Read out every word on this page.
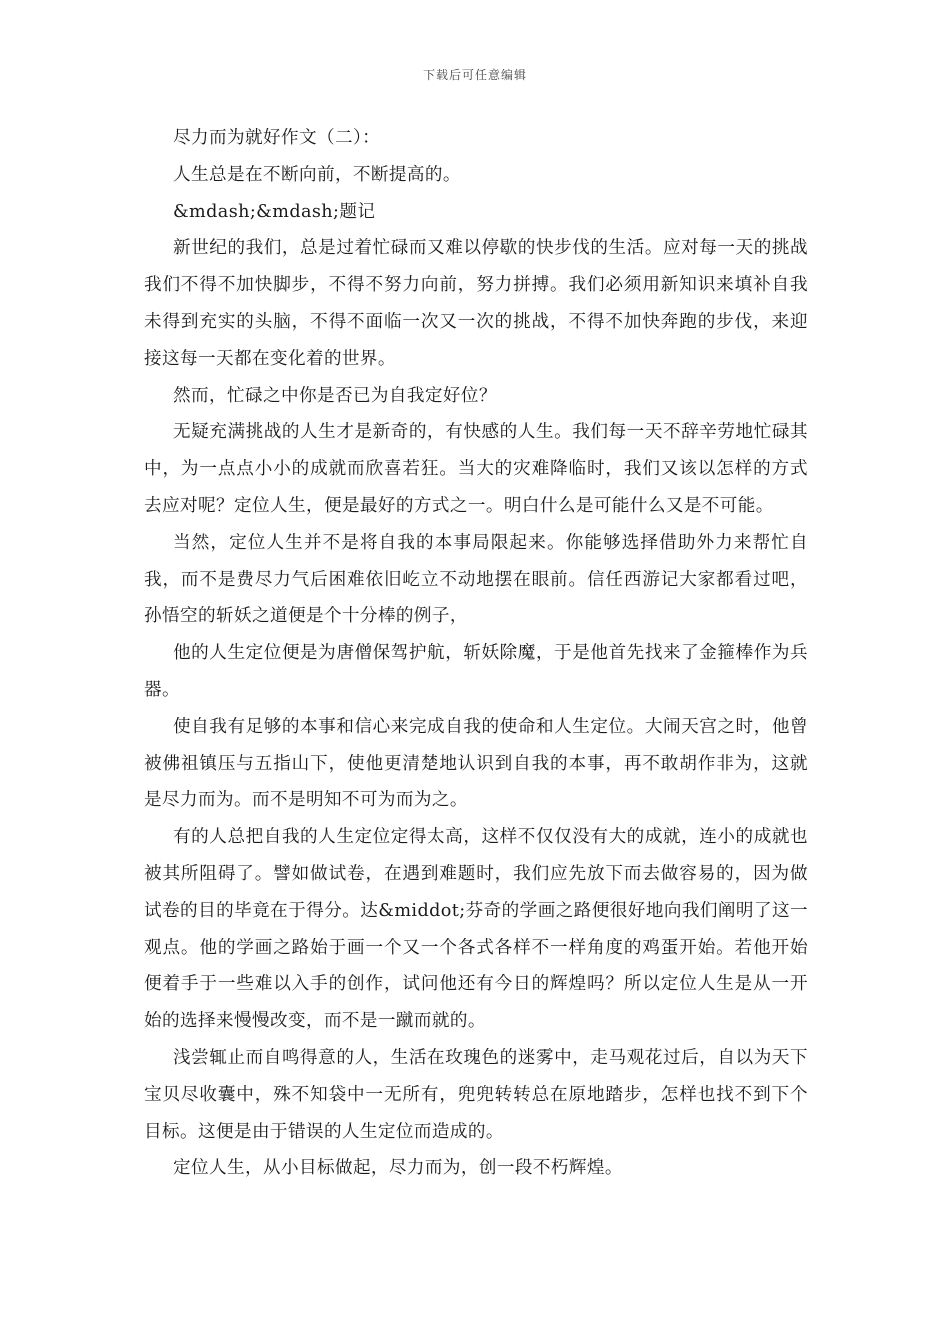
下载后可任意编辑

尽力而为就好作文（二）：

人生总是在不断向前，不断提高的。

&mdash;&mdash;题记

新世纪的我们，总是过着忙碌而又难以停歇的快步伐的生活。应对每一天的挑战我们不得不加快脚步，不得不努力向前，努力拼搏。我们必须用新知识来填补自我未得到充实的头脑，不得不面临一次又一次的挑战，不得不加快奔跑的步伐，来迎接这每一天都在变化着的世界。

然而，忙碌之中你是否已为自我定好位？

无疑充满挑战的人生才是新奇的，有快感的人生。我们每一天不辞辛劳地忙碌其中，为一点点小小的成就而欣喜若狂。当大的灾难降临时，我们又该以怎样的方式去应对呢？定位人生，便是最好的方式之一。明白什么是可能什么又是不可能。

当然，定位人生并不是将自我的本事局限起来。你能够选择借助外力来帮忙自我，而不是费尽力气后困难依旧屹立不动地摆在眼前。信任西游记大家都看过吧，孙悟空的斩妖之道便是个十分棒的例子，

他的人生定位便是为唐僧保驾护航，斩妖除魔，于是他首先找来了金箍棒作为兵器。

使自我有足够的本事和信心来完成自我的使命和人生定位。大闹天宫之时，他曾被佛祖镇压与五指山下，使他更清楚地认识到自我的本事，再不敢胡作非为，这就是尽力而为。而不是明知不可为而为之。

有的人总把自我的人生定位定得太高，这样不仅仅没有大的成就，连小的成就也被其所阻碍了。譬如做试卷，在遇到难题时，我们应先放下而去做容易的，因为做试卷的目的毕竟在于得分。达&middot;芬奇的学画之路便很好地向我们阐明了这一观点。他的学画之路始于画一个又一个各式各样不一样角度的鸡蛋开始。若他开始便着手于一些难以入手的创作，试问他还有今日的辉煌吗？所以定位人生是从一开始的选择来慢慢改变，而不是一蹴而就的。

浅尝辄止而自鸣得意的人，生活在玫瑰色的迷雾中，走马观花过后，自以为天下宝贝尽收囊中，殊不知袋中一无所有，兜兜转转总在原地踏步，怎样也找不到下个目标。这便是由于错误的人生定位而造成的。

定位人生，从小目标做起，尽力而为，创一段不朽辉煌。
